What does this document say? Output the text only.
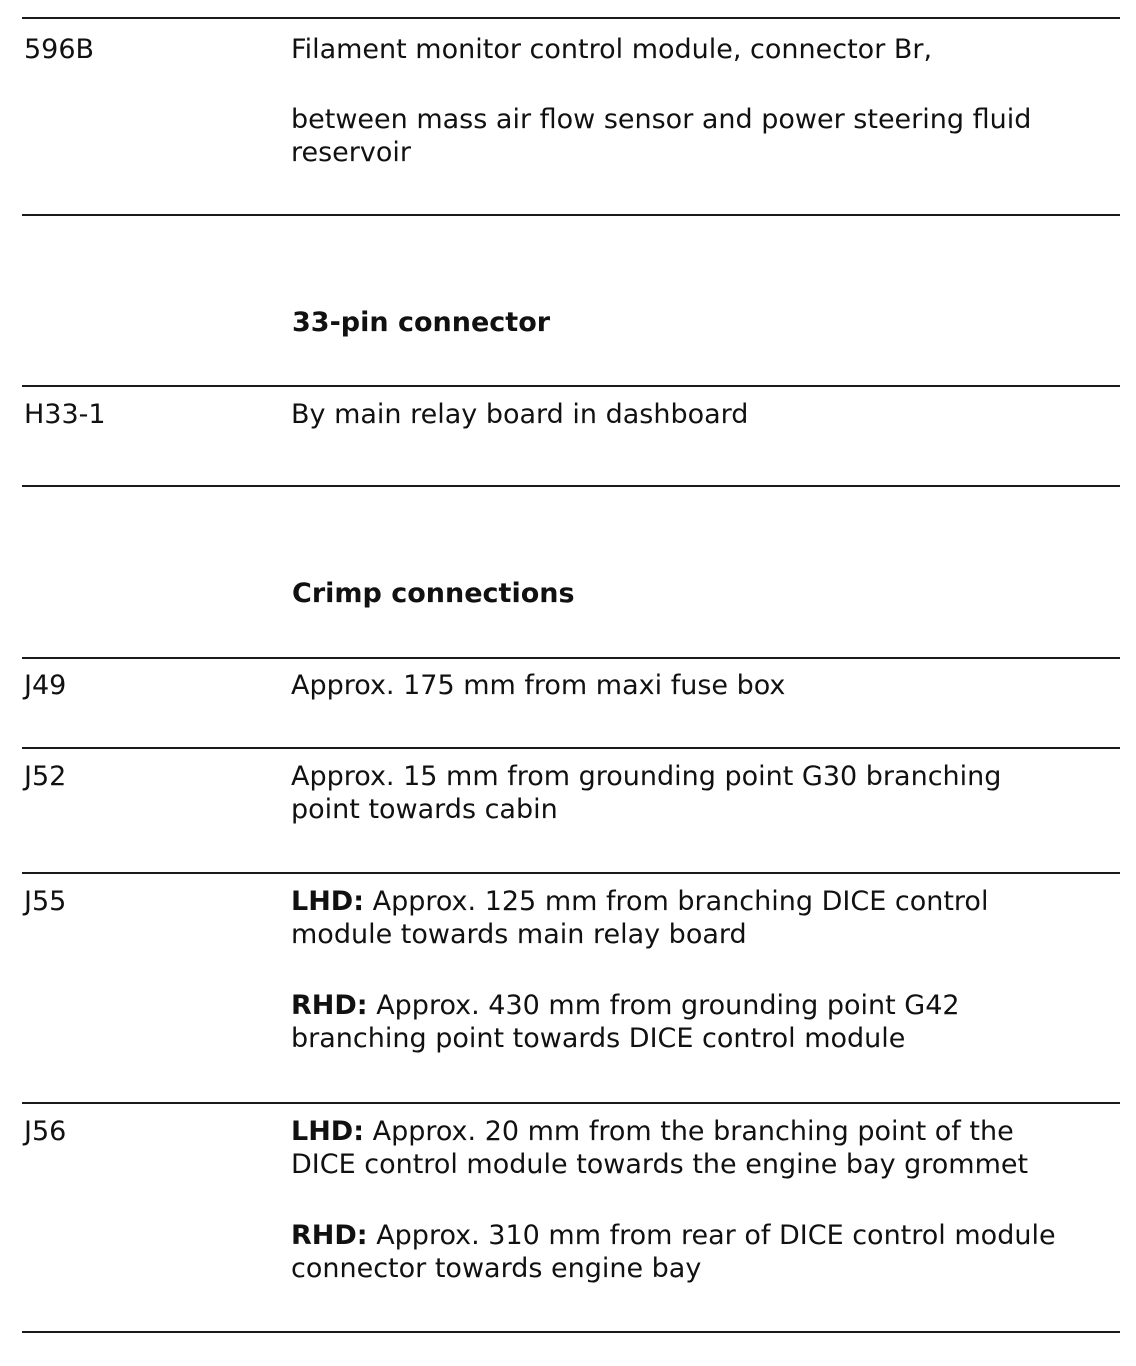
596B	Filament monitor control module, connector Br,

between mass air flow sensor and power steering fluid reservoir

33-pin connector
H33-1	By main relay board in dashboard

Crimp connections
J49	Approx. 175 mm from maxi fuse box

J52	Approx. 15 mm from grounding point G30 branching point towards cabin

J55	LHD: Approx. 125 mm from branching DICE control module towards main relay board

RHD: Approx. 430 mm from grounding point G42 branching point towards DICE control module

J56	LHD: Approx. 20 mm from the branching point of the DICE control module towards the engine bay grommet

RHD: Approx. 310 mm from rear of DICE control module connector towards engine bay
